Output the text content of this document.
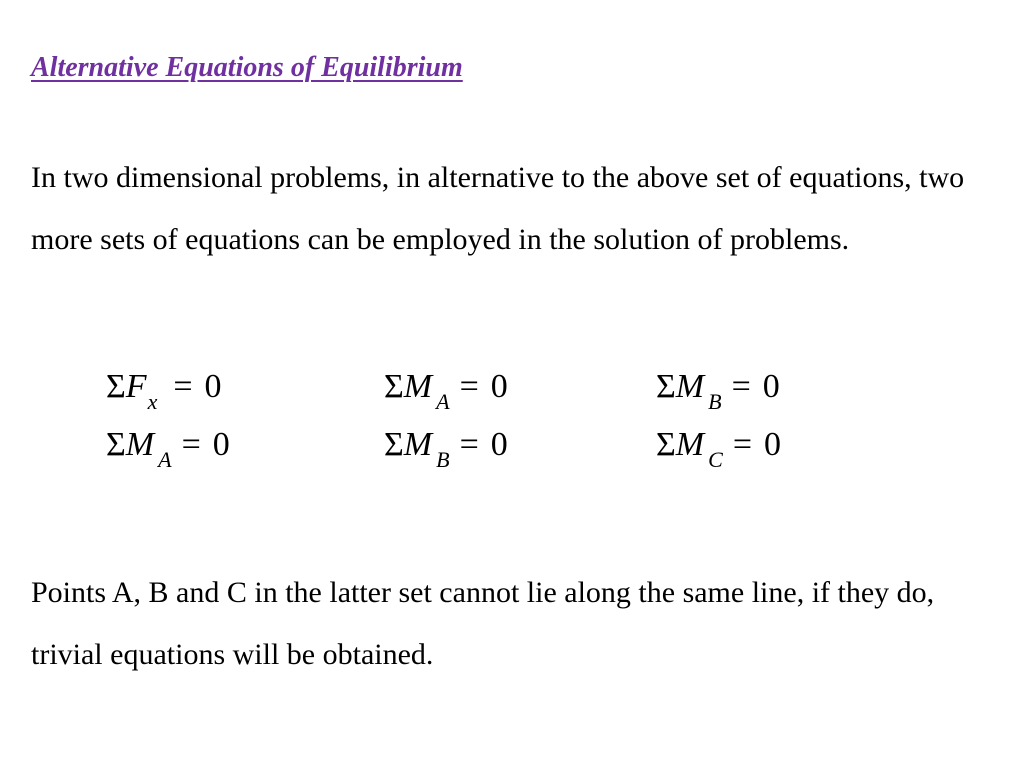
Alternative Equations of Equilibrium
In two dimensional problems, in alternative to the above set of equations, two more sets of equations can be employed in the solution of problems.
$\Sigma F_x = 0$	ΣM $_A$ = 0	ΣM $_B$ = 0
ΣM $_A$ = 0	ΣM $_B$ = 0	ΣM $_C$ = 0
Points A, B and C in the latter set cannot lie along the same line, if they do, trivial equations will be obtained.
